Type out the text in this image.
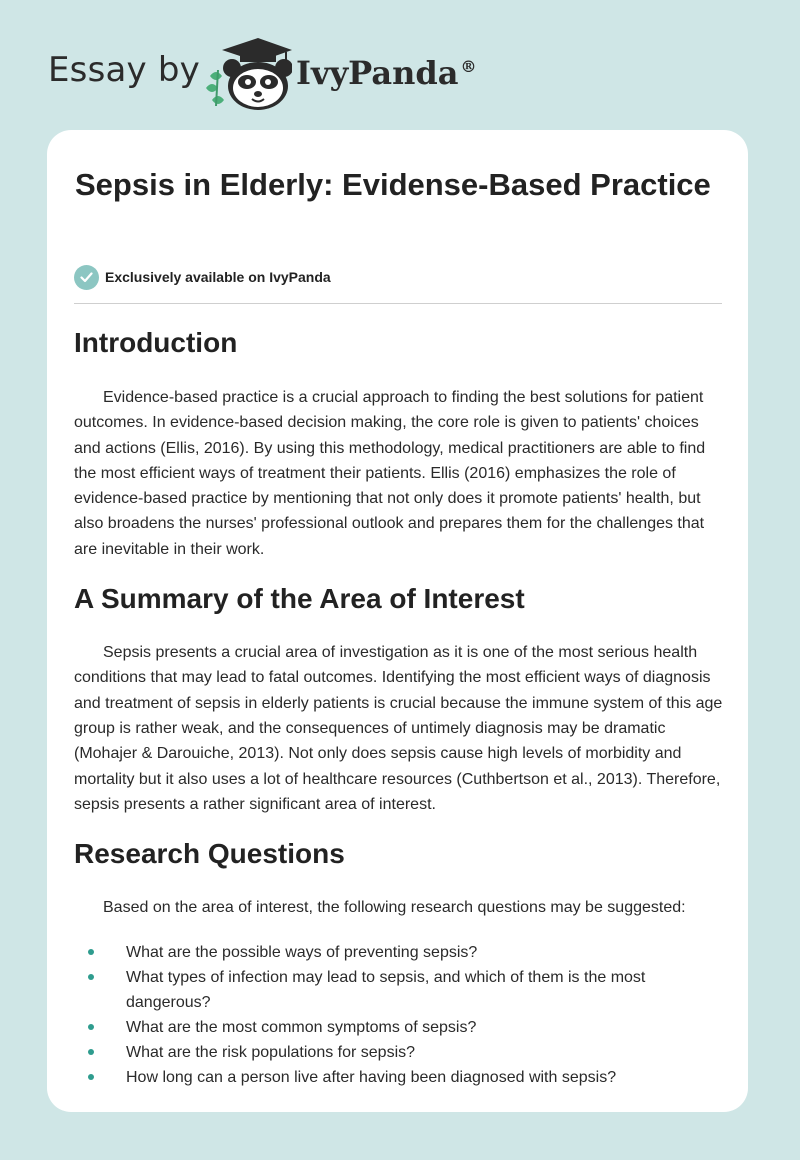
Essay by	IvyPanda ®
Sepsis in Elderly: Evidense-Based Practice
Exclusively available on IvyPanda
Introduction

Evidence-based practice is a crucial approach to finding the best solutions for patient outcomes. In evidence-based decision making, the core role is given to patients' choices and actions (Ellis, 2016). By using this methodology, medical practitioners are able to find the most efficient ways of treatment their patients. Ellis (2016) emphasizes the role of evidence-based practice by mentioning that not only does it promote patients' health, but also broadens the nurses' professional outlook and prepares them for the challenges that are inevitable in their work.

A Summary of the Area of Interest

Sepsis presents a crucial area of investigation as it is one of the most serious health conditions that may lead to fatal outcomes. Identifying the most efficient ways of diagnosis and treatment of sepsis in elderly patients is crucial because the immune system of this age group is rather weak, and the consequences of untimely diagnosis may be dramatic (Mohajer & Darouiche, 2013). Not only does sepsis cause high levels of morbidity and mortality but it also uses a lot of healthcare resources (Cuthbertson et al., 2013). Therefore, sepsis presents a rather significant area of interest.

Research Questions

Based on the area of interest, the following research questions may be suggested:

What are the possible ways of preventing sepsis?
What types of infection may lead to sepsis, and which of them is the most dangerous?
What are the most common symptoms of sepsis?
What are the risk populations for sepsis?
How long can a person live after having been diagnosed with sepsis?
